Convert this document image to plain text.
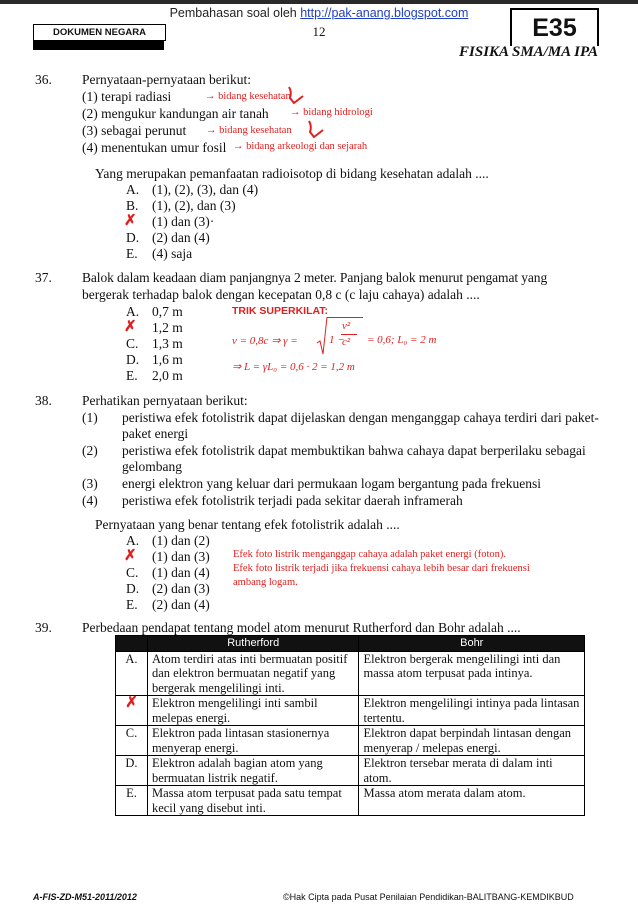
Pembahasan soal oleh http://pak-anang.blogspot.com
12
DOKUMEN NEGARA	E35
FISIKA SMA/MA IPA
36. Pernyataan-pernyataan berikut:
(1) terapi radiasi	→ bidang kesehatan
(2) mengukur kandungan air tanah → bidang hidrologi
(3) sebagai perunut → bidang kesehatan
(4) menentukan umur fosil → bidang arkeologi dan sejarah
Yang merupakan pemanfaatan radioisotop di bidang kesehatan adalah ....
A. (1), (2), (3), dan (4)
B. (1), (2), dan (3)
✗ (1) dan (3)·
D. (2) dan (4)
E. (4) saja
37. Balok dalam keadaan diam panjangnya 2 meter. Panjang balok menurut pengamat yang
bergerak terhadap balok dengan kecepatan 0,8 c (c laju cahaya) adalah ....
A. 0,7 m
✗ 1,2 m
C. 1,3 m
D. 1,6 m
E. 2,0 m
TRIK SUPERKILAT:
v = 0,8c ⇒ γ =	1 −
v²
c² = 0,6; L₀ = 2 m
⇒ L = γL₀ = 0,6 · 2 = 1,2 m
38. Perhatikan pernyataan berikut:
(1) peristiwa efek fotolistrik dapat dijelaskan dengan menganggap cahaya terdiri dari paket-paket energi
(2) peristiwa efek fotolistrik dapat membuktikan bahwa cahaya dapat berperilaku sebagai gelombang
(3) energi elektron yang keluar dari permukaan logam bergantung pada frekuensi
(4) peristiwa efek fotolistrik terjadi pada sekitar daerah inframerah
Pernyataan yang benar tentang efek fotolistrik adalah ....
A. (1) dan (2)
✗ (1) dan (3)
C. (1) dan (4)
D. (2) dan (3)
E. (2) dan (4)
Efek foto listrik menganggap cahaya adalah paket energi (foton).
Efek foto listrik terjadi jika frekuensi cahaya lebih besar dari frekuensi
ambang logam.
39. Perbedaan pendapat tentang model atom menurut Rutherford dan Bohr adalah ....
	Rutherford	Bohr
A.	Atom terdiri atas inti bermuatan positif dan elektron bermuatan negatif yang bergerak mengelilingi inti.	Elektron bergerak mengelilingi inti dan massa atom terpusat pada intinya.
✗	Elektron mengelilingi inti sambil melepas energi.	Elektron mengelilingi intinya pada lintasan tertentu.
C.	Elektron pada lintasan stasionernya menyerap energi.	Elektron dapat berpindah lintasan dengan menyerap / melepas energi.
D.	Elektron adalah bagian atom yang bermuatan listrik negatif.	Elektron tersebar merata di dalam inti atom.
E.	Massa atom terpusat pada satu tempat kecil yang disebut inti.	Massa atom merata dalam atom.
A-FIS-ZD-M51-2011/2012	©Hak Cipta pada Pusat Penilaian Pendidikan-BALITBANG-KEMDIKBUD
